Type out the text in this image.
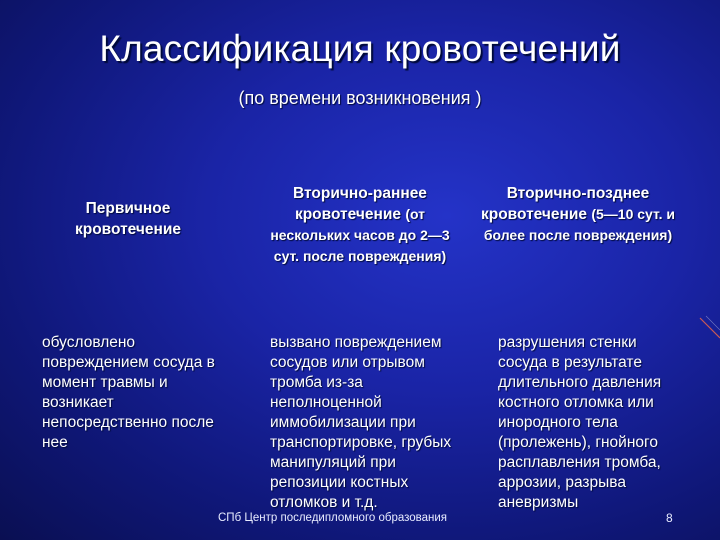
Классификация кровотечений
(по времени возникновения )
Первичное кровотечение
Вторично-раннее кровотечение (от нескольких часов до 2—3 сут. после повреждения)
Вторично-позднее кровотечение (5—10 сут. и более после повреждения)
обусловлено повреждением сосуда в момент травмы и возникает непосредственно после нее
вызвано повреждением сосудов или отрывом тромба из-за неполноценной иммобилизации при транспортировке, грубых манипуляций при репозиции костных отломков и т.д.
разрушения стенки сосуда в результате длительного давления костного отломка или инородного тела (пролежень), гнойного расплавления тромба, аррозии, разрыва аневризмы
СПб Центр последипломного образования	8
